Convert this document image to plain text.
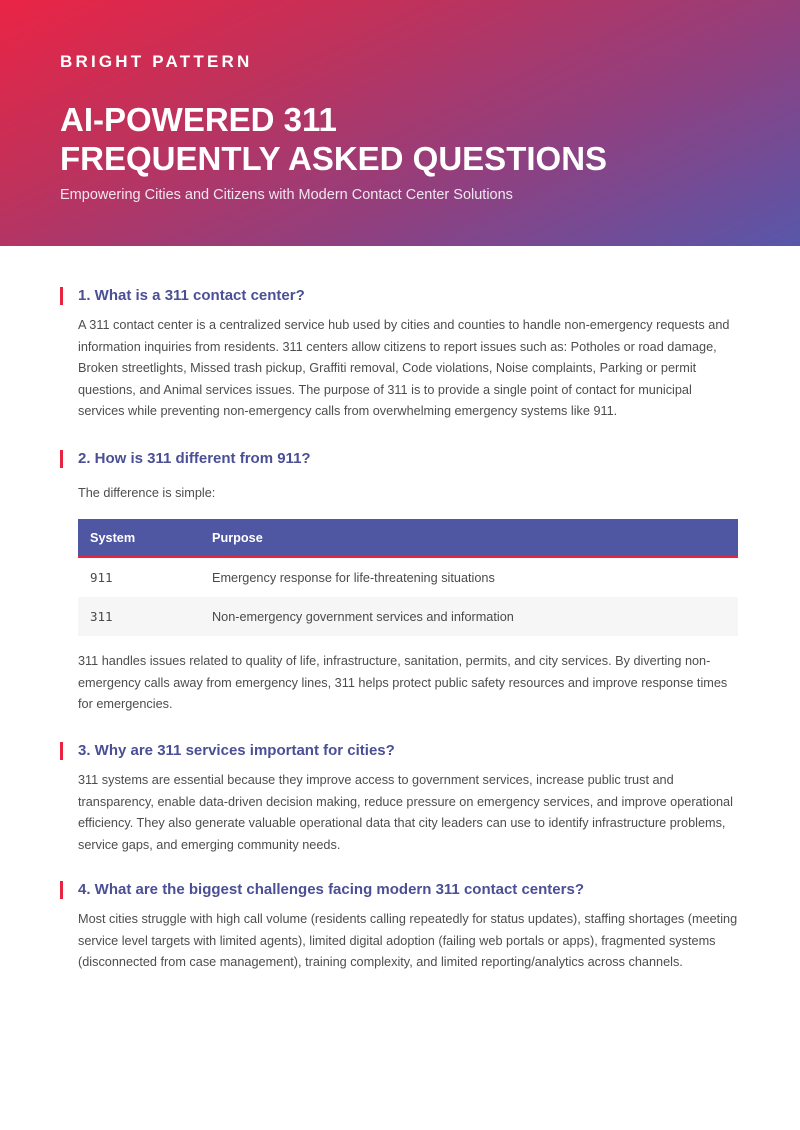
BRIGHT PATTERN
AI-POWERED 311
FREQUENTLY ASKED QUESTIONS
Empowering Cities and Citizens with Modern Contact Center Solutions
1. What is a 311 contact center?

A 311 contact center is a centralized service hub used by cities and counties to handle non-emergency requests and information inquiries from residents. 311 centers allow citizens to report issues such as: Potholes or road damage, Broken streetlights, Missed trash pickup, Graffiti removal, Code violations, Noise complaints, Parking or permit questions, and Animal services issues. The purpose of 311 is to provide a single point of contact for municipal services while preventing non-emergency calls from overwhelming emergency systems like 911.

2. How is 311 different from 911?

The difference is simple:

System	Purpose
911	Emergency response for life-threatening situations
311	Non-emergency government services and information

311 handles issues related to quality of life, infrastructure, sanitation, permits, and city services. By diverting non-emergency calls away from emergency lines, 311 helps protect public safety resources and improve response times for emergencies.

3. Why are 311 services important for cities?

311 systems are essential because they improve access to government services, increase public trust and transparency, enable data-driven decision making, reduce pressure on emergency services, and improve operational efficiency. They also generate valuable operational data that city leaders can use to identify infrastructure problems, service gaps, and emerging community needs.

4. What are the biggest challenges facing modern 311 contact centers?

Most cities struggle with high call volume (residents calling repeatedly for status updates), staffing shortages (meeting service level targets with limited agents), limited digital adoption (failing web portals or apps), fragmented systems (disconnected from case management), training complexity, and limited reporting/analytics across channels.
